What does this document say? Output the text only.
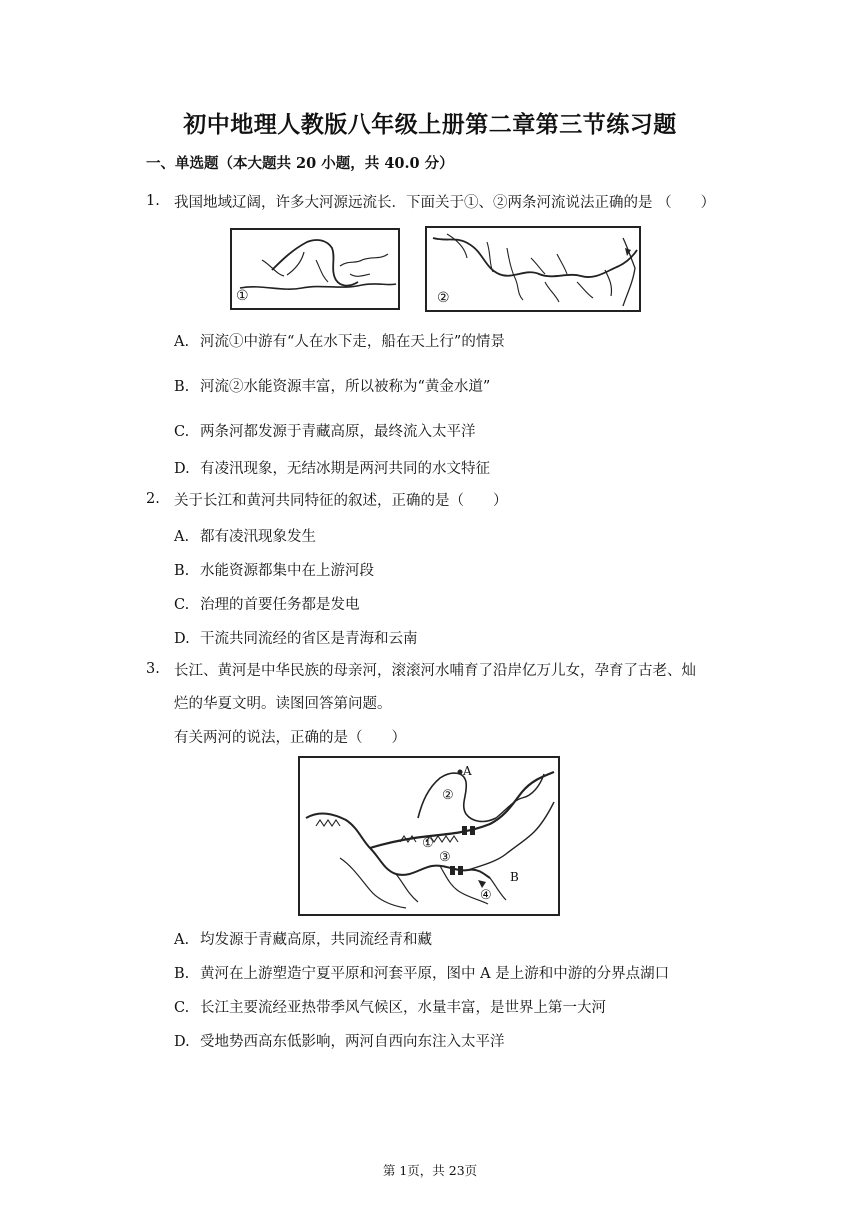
初中地理人教版八年级上册第二章第三节练习题
一、单选题（本大题共 20 小题，共 40.0 分）
1. 我国地域辽阔，许多大河源远流长．下面关于①、②两条河流说法正确的是 （　　）
①	②
A. 河流①中游有“人在水下走，船在天上行”的情景
B. 河流②水能资源丰富，所以被称为“黄金水道”
C. 两条河都发源于青藏高原，最终流入太平洋
D. 有凌汛现象，无结冰期是两河共同的水文特征
2. 关于长江和黄河共同特征的叙述，正确的是（　　）
A. 都有凌汛现象发生
B. 水能资源都集中在上游河段
C. 治理的首要任务都是发电
D. 干流共同流经的省区是青海和云南
3. 长江、黄河是中华民族的母亲河，滚滚河水哺育了沿岸亿万儿女，孕育了古老、灿
烂的华夏文明。读图回答第问题。
有关两河的说法，正确的是（　　）
A
B
①
②
③
④
A. 均发源于青藏高原，共同流经青和藏
B. 黄河在上游塑造宁夏平原和河套平原，图中 A 是上游和中游的分界点湖口
C. 长江主要流经亚热带季风气候区，水量丰富，是世界上第一大河
D. 受地势西高东低影响，两河自西向东注入太平洋
第 1页，共 23页
